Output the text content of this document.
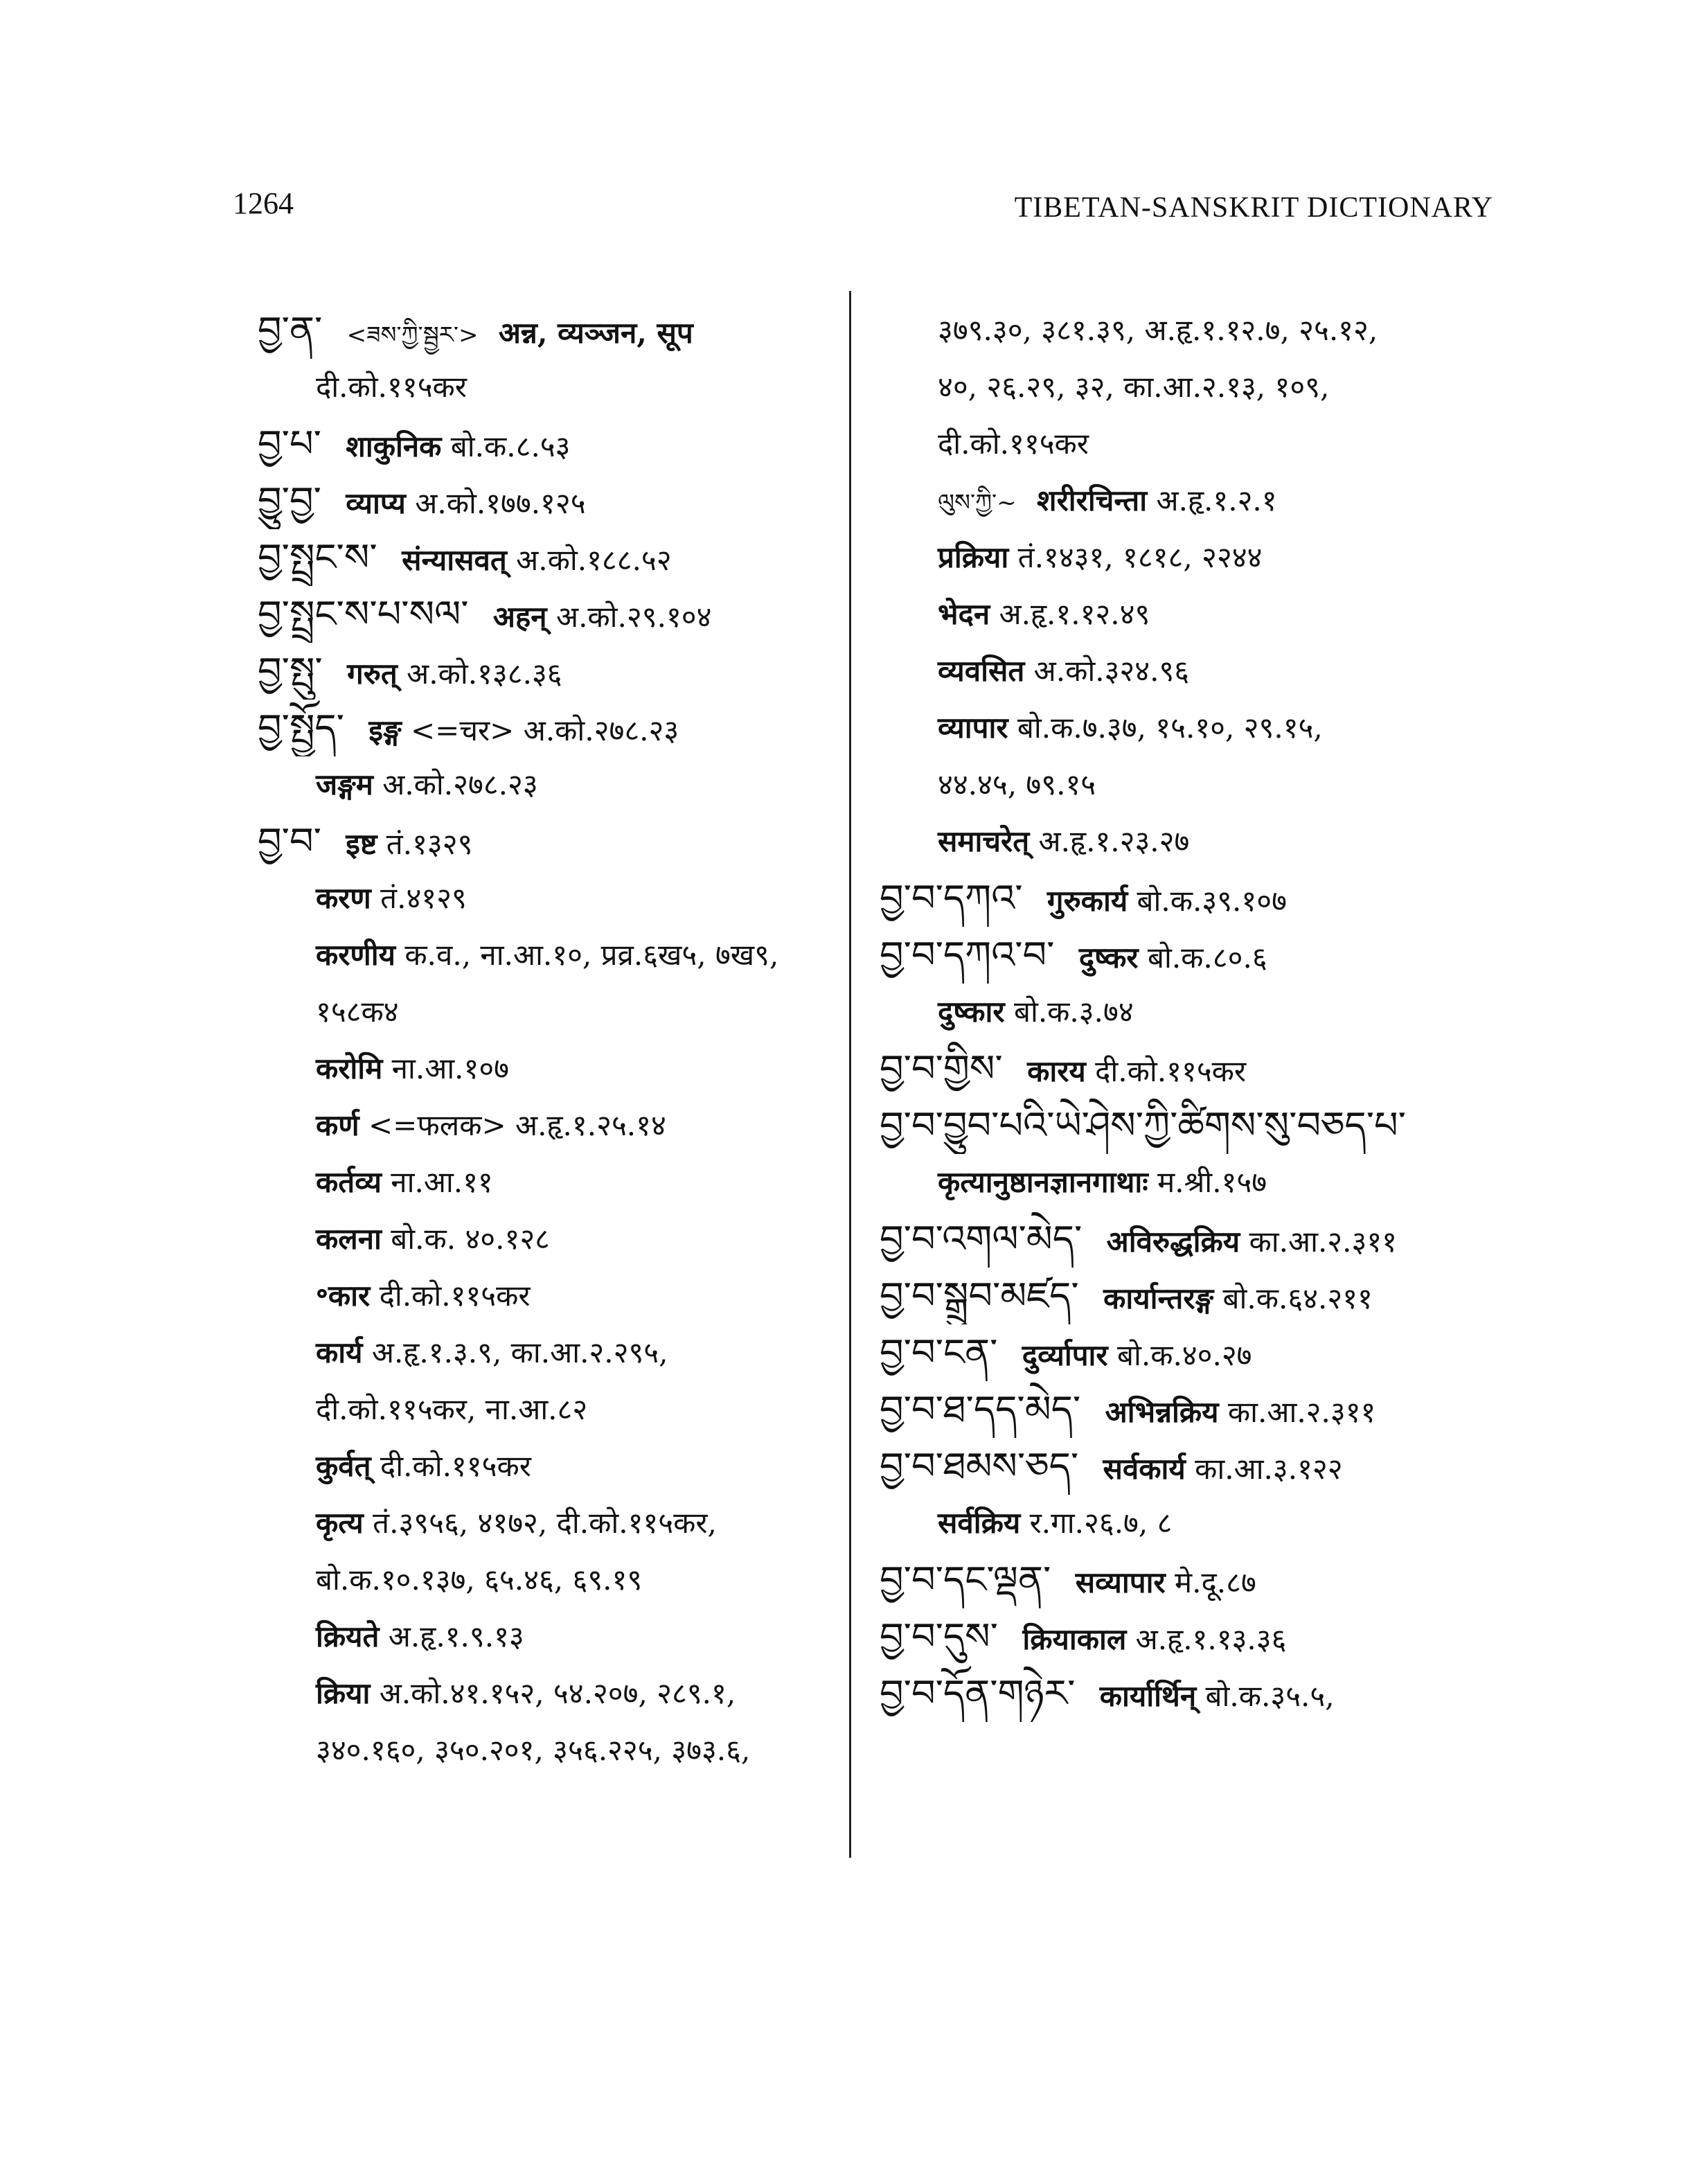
1264	TIBETAN-SANSKRIT DICTIONARY
བྱ་ན་ <ཟས་ཀྱི་སྦྱར་> अन्न, व्यञ्जन, सूप
दी.को.११५कर
བྱ་པ་ शाकुनिक बो.क.८.५३
བྱུ་བྱ་ व्याप्य अ.को.१७७.१२५
བྱ་སྤྲང་ས་ संन्यासवत् अ.को.१८८.५२
བྱ་སྤྲང་ས་པ་སལ་ अहन् अ.को.२९.१०४
བྱ་སྤུ་ गरुत् अ.को.१३८.३६
བྱ་སྤྱོད་ इङ्ग <=चर> अ.को.२७८.२३
जङ्गम अ.को.२७८.२३
བྱ་བ་ इष्ट तं.१३२९
करण तं.४१२९
करणीय क.व., ना.आ.१०, प्रव्र.६ख५, ७ख९,
१५८क४
करोमि ना.आ.१०७
कर्ण <=फलक> अ.हृ.१.२५.१४
कर्तव्य ना.आ.११
कलना बो.क. ४०.१२८
॰कार दी.को.११५कर
कार्य अ.हृ.१.३.९, का.आ.२.२९५,
दी.को.११५कर, ना.आ.८२
कुर्वत् दी.को.११५कर
कृत्य तं.३९५६, ४१७२, दी.को.११५कर,
बो.क.१०.१३७, ६५.४६, ६९.१९
क्रियते अ.हृ.१.९.१३
क्रिया अ.को.४१.१५२, ५४.२०७, २८९.१,
३४०.१६०, ३५०.२०१, ३५६.२२५, ३७३.६,
३७९.३०, ३८१.३९, अ.हृ.१.१२.७, २५.१२,
४०, २६.२९, ३२, का.आ.२.१३, १०९,
दी.को.११५कर
ལུས་ཀྱི་~ शरीरचिन्ता अ.हृ.१.२.१
प्रक्रिया तं.१४३१, १८१८, २२४४
भेदन अ.हृ.१.१२.४९
व्यवसित अ.को.३२४.९६
व्यापार बो.क.७.३७, १५.१०, २९.१५,
४४.४५, ७९.१५
समाचरेत् अ.हृ.१.२३.२७
བྱ་བ་དཀའ་ गुरुकार्य बो.क.३९.१०७
བྱ་བ་དཀའ་བ་ दुष्कर बो.क.८०.६
दुष्कार बो.क.३.७४
བྱ་བ་གྱིས་ कारय दी.को.११५कर
བྱ་བ་བྱུབ་པའི་ཡེ་ཤེས་ཀྱི་ཚིགས་སུ་བཅད་པ་
कृत्यानुष्ठानज्ञानगाथाः म.श्री.१५७
བྱ་བ་འགལ་མེད་ अविरुद्धक्रिय का.आ.२.३११
བྱ་བ་སྒྲུབ་མཛད་ कार्यान्तरङ्ग बो.क.६४.२११
བྱ་བ་ངན་ दुर्व्यापार बो.क.४०.२७
བྱ་བ་ཐ་དད་མེད་ अभिन्नक्रिय का.आ.२.३११
བྱ་བ་ཐམས་ཅད་ सर्वकार्य का.आ.३.१२२
सर्वक्रिय र.गा.२६.७, ८
བྱ་བ་དང་ལྡན་ सव्यापार मे.दू.८७
བྱ་བ་དུས་ क्रियाकाल अ.हृ.१.१३.३६
བྱ་བ་དོན་གཉེར་ कार्यार्थिन् बो.क.३५.५,
